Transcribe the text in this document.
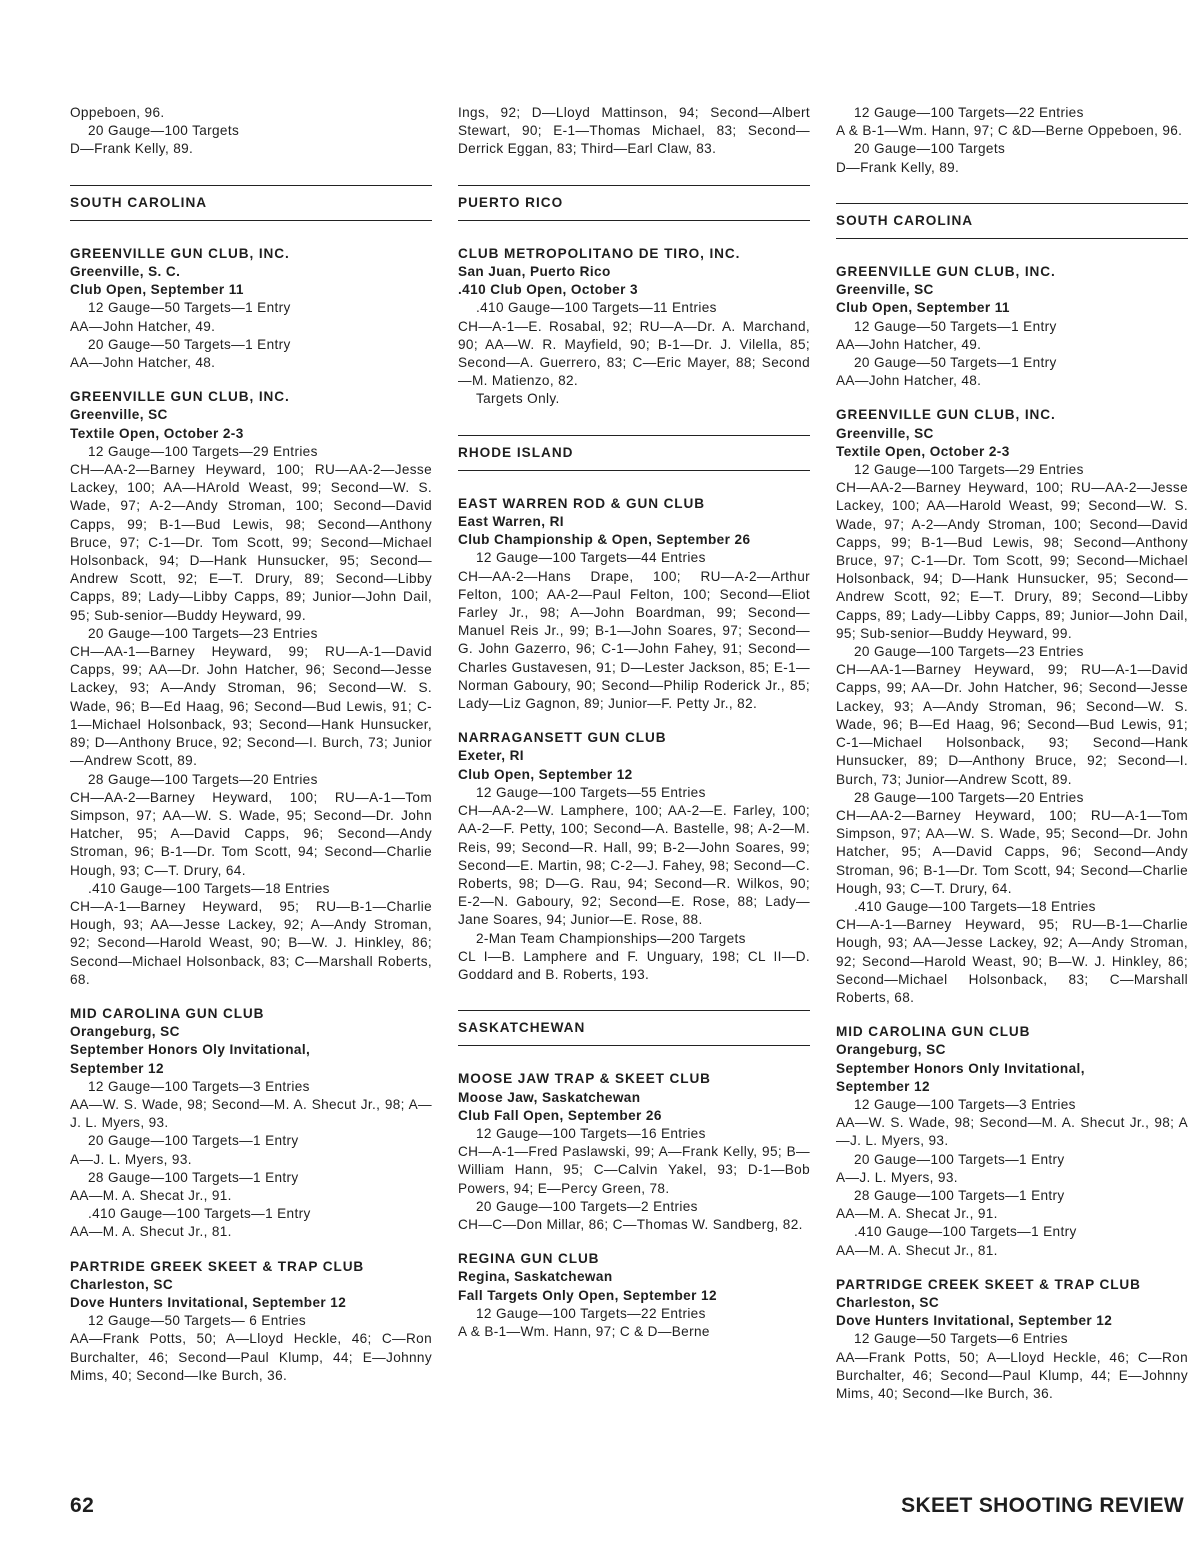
Oppeboen, 96.
20 Gauge—100 Targets
D—Frank Kelly, 89.
SOUTH CAROLINA
GREENVILLE GUN CLUB, INC.
Greenville, S. C.
Club Open, September 11
12 Gauge—50 Targets—1 Entry
AA—John Hatcher, 49.
20 Gauge—50 Targets—1 Entry
AA—John Hatcher, 48.
GREENVILLE GUN CLUB, INC.
Greenville, SC
Textile Open, October 2-3
12 Gauge—100 Targets—29 Entries
CH—AA-2—Barney Heyward, 100; RU—AA-2—Jesse Lackey, 100; AA—HArold Weast, 99; Second—W. S. Wade, 97; A-2—Andy Stroman, 100; Second—David Capps, 99; B-1—Bud Lewis, 98; Second—Anthony Bruce, 97; C-1—Dr. Tom Scott, 99; Second—Michael Holsonback, 94; D—Hank Hunsucker, 95; Second—Andrew Scott, 92; E—T. Drury, 89; Second—Libby Capps, 89; Lady—Libby Capps, 89; Junior—John Dail, 95; Sub-senior—Buddy Heyward, 99.
20 Gauge—100 Targets—23 Entries
CH—AA-1—Barney Heyward, 99; RU—A-1—David Capps, 99; AA—Dr. John Hatcher, 96; Second—Jesse Lackey, 93; A—Andy Stroman, 96; Second—W. S. Wade, 96; B—Ed Haag, 96; Second—Bud Lewis, 91; C-1—Michael Holsonback, 93; Second—Hank Hunsucker, 89; D—Anthony Bruce, 92; Second—I. Burch, 73; Junior—Andrew Scott, 89.
28 Gauge—100 Targets—20 Entries
CH—AA-2—Barney Heyward, 100; RU—A-1—Tom Simpson, 97; AA—W. S. Wade, 95; Second—Dr. John Hatcher, 95; A—David Capps, 96; Second—Andy Stroman, 96; B-1—Dr. Tom Scott, 94; Second—Charlie Hough, 93; C—T. Drury, 64.
.410 Gauge—100 Targets—18 Entries
CH—A-1—Barney Heyward, 95; RU—B-1—Charlie Hough, 93; AA—Jesse Lackey, 92; A—Andy Stroman, 92; Second—Harold Weast, 90; B—W. J. Hinkley, 86; Second—Michael Holsonback, 83; C—Marshall Roberts, 68.
MID CAROLINA GUN CLUB
Orangeburg, SC
September Honors Oly Invitational,
September 12
12 Gauge—100 Targets—3 Entries
AA—W. S. Wade, 98; Second—M. A. Shecut Jr., 98; A—J. L. Myers, 93.
20 Gauge—100 Targets—1 Entry
A—J. L. Myers, 93.
28 Gauge—100 Targets—1 Entry
AA—M. A. Shecat Jr., 91.
.410 Gauge—100 Targets—1 Entry
AA—M. A. Shecut Jr., 81.
PARTRIDE GREEK SKEET & TRAP CLUB
Charleston, SC
Dove Hunters Invitational, September 12
12 Gauge—50 Targets— 6 Entries
AA—Frank Potts, 50; A—Lloyd Heckle, 46; C—Ron Burchalter, 46; Second—Paul Klump, 44; E—Johnny Mims, 40; Second—Ike Burch, 36.
Ings, 92; D—Lloyd Mattinson, 94; Second—Albert Stewart, 90; E-1—Thomas Michael, 83; Second—Derrick Eggan, 83; Third—Earl Claw, 83.
PUERTO RICO
CLUB METROPOLITANO DE TIRO, INC.
San Juan, Puerto Rico
.410 Club Open, October 3
.410 Gauge—100 Targets—11 Entries
CH—A-1—E. Rosabal, 92; RU—A—Dr. A. Marchand, 90; AA—W. R. Mayfield, 90; B-1—Dr. J. Vilella, 85; Second—A. Guerrero, 83; C—Eric Mayer, 88; Second—M. Matienzo, 82.
Targets Only.
RHODE ISLAND
EAST WARREN ROD & GUN CLUB
East Warren, RI
Club Championship & Open, September 26
12 Gauge—100 Targets—44 Entries
CH—AA-2—Hans Drape, 100; RU—A-2—Arthur Felton, 100; AA-2—Paul Felton, 100; Second—Eliot Farley Jr., 98; A—John Boardman, 99; Second—Manuel Reis Jr., 99; B-1—John Soares, 97; Second—G. John Gazerro, 96; C-1—John Fahey, 91; Second—Charles Gustavesen, 91; D—Lester Jackson, 85; E-1—Norman Gaboury, 90; Second—Philip Roderick Jr., 85; Lady—Liz Gagnon, 89; Junior—F. Petty Jr., 82.
NARRAGANSETT GUN CLUB
Exeter, RI
Club Open, September 12
12 Gauge—100 Targets—55 Entries
CH—AA-2—W. Lamphere, 100; AA-2—E. Farley, 100; AA-2—F. Petty, 100; Second—A. Bastelle, 98; A-2—M. Reis, 99; Second—R. Hall, 99; B-2—John Soares, 99; Second—E. Martin, 98; C-2—J. Fahey, 98; Second—C. Roberts, 98; D—G. Rau, 94; Second—R. Wilkos, 90; E-2—N. Gaboury, 92; Second—E. Rose, 88; Lady—Jane Soares, 94; Junior—E. Rose, 88.
2-Man Team Championships—200 Targets
CL I—B. Lamphere and F. Unguary, 198; CL II—D. Goddard and B. Roberts, 193.
SASKATCHEWAN
MOOSE JAW TRAP & SKEET CLUB
Moose Jaw, Saskatchewan
Club Fall Open, September 26
12 Gauge—100 Targets—16 Entries
CH—A-1—Fred Paslawski, 99; A—Frank Kelly, 95; B—William Hann, 95; C—Calvin Yakel, 93; D-1—Bob Powers, 94; E—Percy Green, 78.
20 Gauge—100 Targets—2 Entries
CH—C—Don Millar, 86; C—Thomas W. Sandberg, 82.
REGINA GUN CLUB
Regina, Saskatchewan
Fall Targets Only Open, September 12
12 Gauge—100 Targets—22 Entries
A & B-1—Wm. Hann, 97; C & D—Berne
12 Gauge—100 Targets—22 Entries
A & B-1—Wm. Hann, 97; C &D—Berne Oppeboen, 96.
20 Gauge—100 Targets
D—Frank Kelly, 89.
SOUTH CAROLINA
GREENVILLE GUN CLUB, INC.
Greenville, SC
Club Open, September 11
12 Gauge—50 Targets—1 Entry
AA—John Hatcher, 49.
20 Gauge—50 Targets—1 Entry
AA—John Hatcher, 48.
GREENVILLE GUN CLUB, INC.
Greenville, SC
Textile Open, October 2-3
12 Gauge—100 Targets—29 Entries
CH—AA-2—Barney Heyward, 100; RU—AA-2—Jesse Lackey, 100; AA—Harold Weast, 99; Second—W. S. Wade, 97; A-2—Andy Stroman, 100; Second—David Capps, 99; B-1—Bud Lewis, 98; Second—Anthony Bruce, 97; C-1—Dr. Tom Scott, 99; Second—Michael Holsonback, 94; D—Hank Hunsucker, 95; Second—Andrew Scott, 92; E—T. Drury, 89; Second—Libby Capps, 89; Lady—Libby Capps, 89; Junior—John Dail, 95; Sub-senior—Buddy Heyward, 99.
20 Gauge—100 Targets—23 Entries
CH—AA-1—Barney Heyward, 99; RU—A-1—David Capps, 99; AA—Dr. John Hatcher, 96; Second—Jesse Lackey, 93; A—Andy Stroman, 96; Second—W. S. Wade, 96; B—Ed Haag, 96; Second—Bud Lewis, 91; C-1—Michael Holsonback, 93; Second—Hank Hunsucker, 89; D—Anthony Bruce, 92; Second—I. Burch, 73; Junior—Andrew Scott, 89.
28 Gauge—100 Targets—20 Entries
CH—AA-2—Barney Heyward, 100; RU—A-1—Tom Simpson, 97; AA—W. S. Wade, 95; Second—Dr. John Hatcher, 95; A—David Capps, 96; Second—Andy Stroman, 96; B-1—Dr. Tom Scott, 94; Second—Charlie Hough, 93; C—T. Drury, 64.
.410 Gauge—100 Targets—18 Entries
CH—A-1—Barney Heyward, 95; RU—B-1—Charlie Hough, 93; AA—Jesse Lackey, 92; A—Andy Stroman, 92; Second—Harold Weast, 90; B—W. J. Hinkley, 86; Second—Michael Holsonback, 83; C—Marshall Roberts, 68.
MID CAROLINA GUN CLUB
Orangeburg, SC
September Honors Only Invitational,
September 12
12 Gauge—100 Targets—3 Entries
AA—W. S. Wade, 98; Second—M. A. Shecut Jr., 98; A—J. L. Myers, 93.
20 Gauge—100 Targets—1 Entry
A—J. L. Myers, 93.
28 Gauge—100 Targets—1 Entry
AA—M. A. Shecat Jr., 91.
.410 Gauge—100 Targets—1 Entry
AA—M. A. Shecut Jr., 81.
PARTRIDGE CREEK SKEET & TRAP CLUB
Charleston, SC
Dove Hunters Invitational, September 12
12 Gauge—50 Targets—6 Entries
AA—Frank Potts, 50; A—Lloyd Heckle, 46; C—Ron Burchalter, 46; Second—Paul Klump, 44; E—Johnny Mims, 40; Second—Ike Burch, 36.
62	SKEET SHOOTING REVIEW
